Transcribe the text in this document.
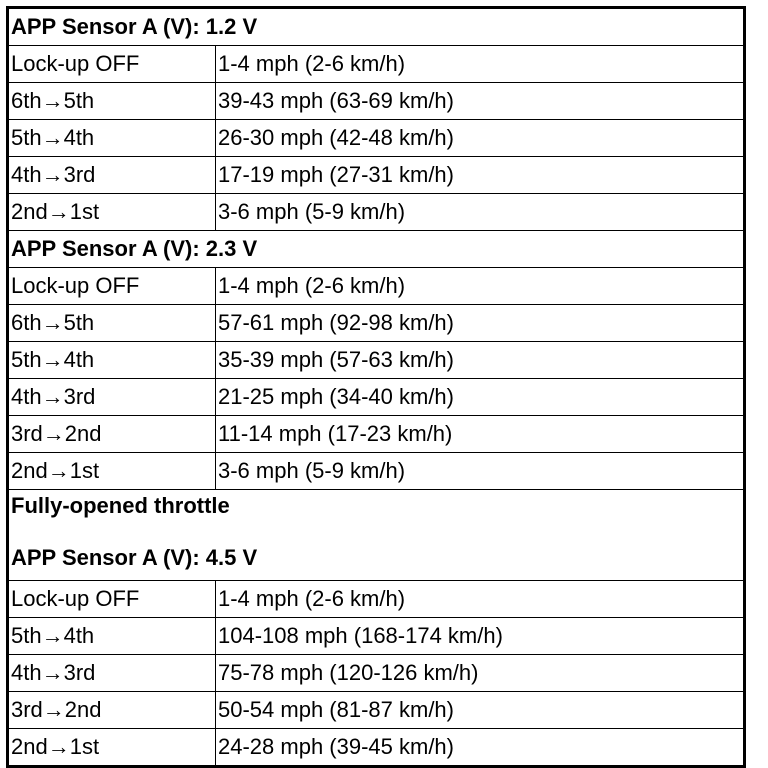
APP Sensor A (V): 1.2 V	
Lock-up OFF	1-4 mph (2-6 km/h)
6th→5th	39-43 mph (63-69 km/h)
5th→4th	26-30 mph (42-48 km/h)
4th→3rd	17-19 mph (27-31 km/h)
2nd→1st	3-6 mph (5-9 km/h)
APP Sensor A (V): 2.3 V	
Lock-up OFF	1-4 mph (2-6 km/h)
6th→5th	57-61 mph (92-98 km/h)
5th→4th	35-39 mph (57-63 km/h)
4th→3rd	21-25 mph (34-40 km/h)
3rd→2nd	11-14 mph (17-23 km/h)
2nd→1st	3-6 mph (5-9 km/h)

Fully-opened throttle
APP Sensor A (V): 4.5 V	

Lock-up OFF	1-4 mph (2-6 km/h)
5th→4th	104-108 mph (168-174 km/h)
4th→3rd	75-78 mph (120-126 km/h)
3rd→2nd	50-54 mph (81-87 km/h)
2nd→1st	24-28 mph (39-45 km/h)
